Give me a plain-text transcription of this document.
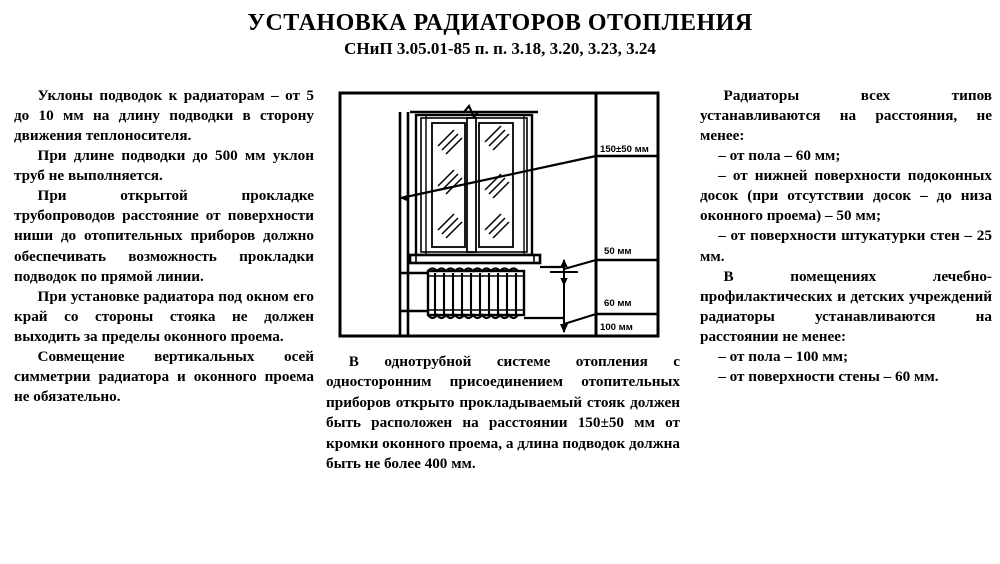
УСТАНОВКА РАДИАТОРОВ ОТОПЛЕНИЯ

СНиП 3.05.01-85 п. п. 3.18, 3.20, 3.23, 3.24

Уклоны подводок к радиаторам – от 5 до 10 мм на длину подводки в сторону движения теплоносителя.

При длине подводки до 500 мм уклон труб не выполняется.

При открытой прокладке трубопроводов расстояние от поверхности ниши до отопительных приборов должно обеспечивать возможность прокладки подводок по прямой линии.

При установке радиатора под окном его край со стороны стояка не должен выходить за пределы оконного проема.

Совмещение вертикальных осей симметрии радиатора и оконного проема не обязательно.

150±50 мм
50 мм
60 мм
100 мм

В однотрубной системе отопления с односторонним присоединением отопительных приборов открыто прокладываемый стояк должен быть расположен на расстоянии 150±50 мм от кромки оконного проема, а длина подводок должна быть не более 400 мм.

Радиаторы всех типов устанавливаются на расстояния, не менее:

– от пола – 60 мм;

– от нижней поверхности подоконных досок (при отсутствии досок – до низа оконного проема) – 50 мм;

– от поверхности штукатурки стен – 25 мм.

В помещениях лечебно-профилактических и детских учреждений радиаторы устанавливаются на расстоянии не менее:

– от пола – 100 мм;

– от поверхности стены – 60 мм.
